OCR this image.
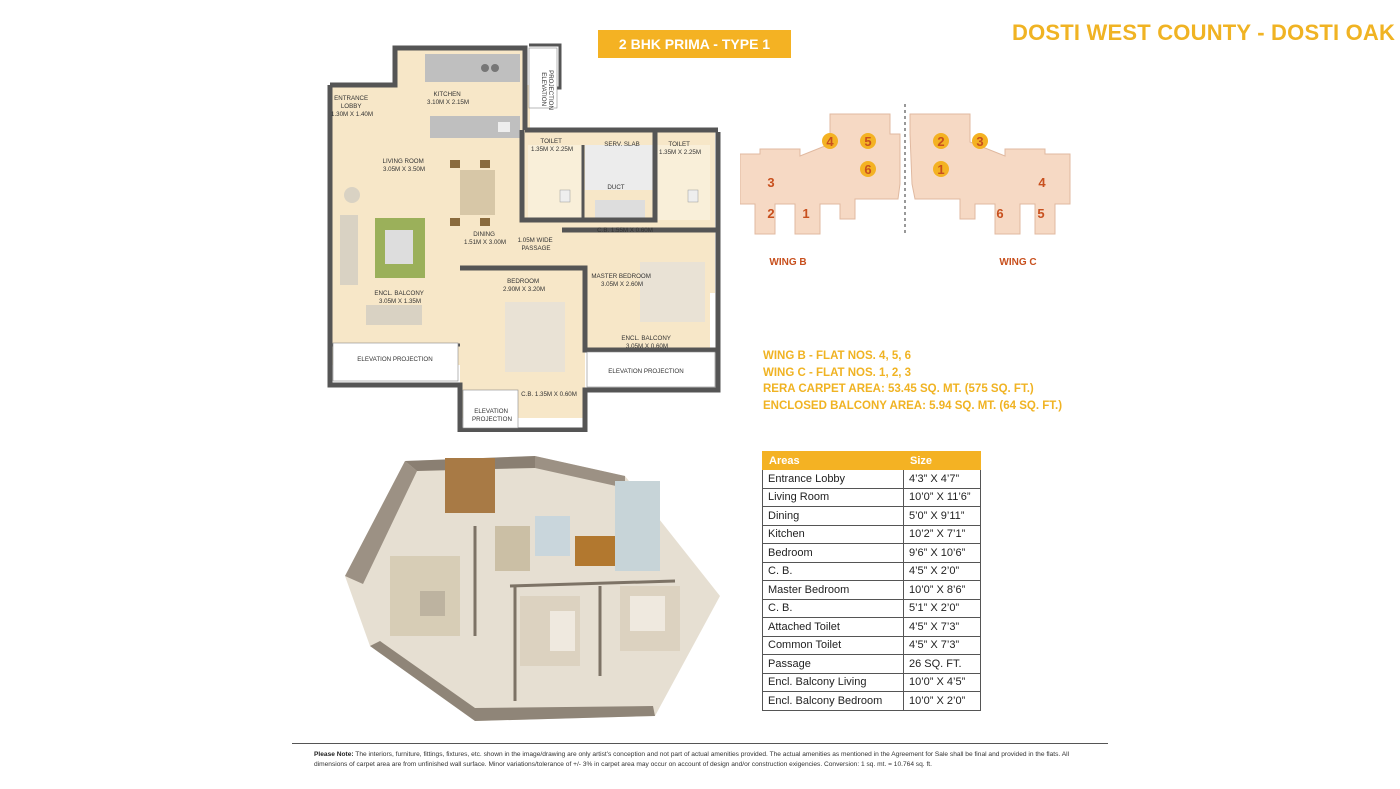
DOSTI WEST COUNTY - DOSTI OAK
2 BHK PRIMA - TYPE 1
ENTRANCE LOBBY 1.30M X 1.40M
KITCHEN 3.10M X 2.15M	ELEVATION PROJECTION
TOILET 1.35M X 2.25M
SERV. SLAB
DUCT
TOILET 1.35M X 2.25M
LIVING ROOM 3.05M X 3.50M
DINING 1.51M X 3.00M 1.05M WIDE PASSAGE
C.B. 1.55M X 0.60M
BEDROOM 2.90M X 3.20M
MASTER BEDROOM 3.05M X 2.60M
ENCL. BALCONY 3.05M X 1.35M
ENCL. BALCONY 3.05M X 0.60M
ELEVATION PROJECTION
ELEVATION PROJECTION
C.B. 1.35M X 0.60M
ELEVATION PROJECTION
4 5
6
3
2 1
2 3
1
4
6	5
WING B	WING C
WING B - FLAT NOS. 4, 5, 6
WING C - FLAT NOS. 1, 2, 3
RERA CARPET AREA: 53.45 SQ. MT. (575 SQ. FT.)
ENCLOSED BALCONY AREA: 5.94 SQ. MT. (64 SQ. FT.)
Areas	Size
Entrance Lobby	4’3” X 4’7”
Living Room	10’0” X 11’6”
Dining	5’0” X 9’11”
Kitchen	10’2” X 7’1”
Bedroom	9’6” X 10’6”
C. B.	4’5” X 2’0”
Master Bedroom	10’0” X 8’6”
C. B.	5’1” X 2’0”
Attached Toilet	4’5” X 7’3”
Common Toilet	4’5” X 7’3”
Passage	26 SQ. FT.
Encl. Balcony Living	10’0” X 4’5”
Encl. Balcony Bedroom	10’0” X 2’0”
Please Note: The interiors, furniture, fittings, fixtures, etc. shown in the image/drawing are only artist’s conception and not part of actual amenities provided. The actual amenities as mentioned in the Agreement for Sale shall be final and provided in the flats. All dimensions of carpet area are from unfinished wall surface. Minor variations/tolerance of +/- 3% in carpet area may occur on account of design and/or construction exigencies. Conversion: 1 sq. mt. = 10.764 sq. ft.
